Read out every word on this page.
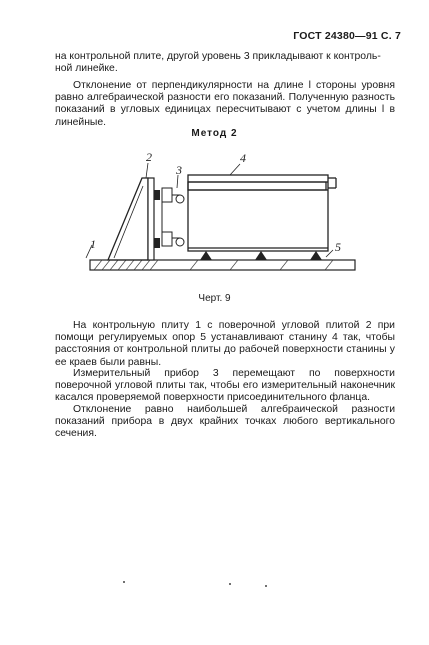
ГОСТ 24380—91 С. 7

на контрольной плите, другой уровень 3 прикладывают к контроль-

ной линейке.

Отклонение от перпендикулярности на длине l стороны уровня равно алгебраической разности его показаний. Полученную разность показаний в угловых единицах пересчитывают с учетом длины l в линейные.

Метод 2
1
2
3
4
5
Черт. 9

На контрольную плиту 1 с поверочной угловой плитой 2 при помощи регулируемых опор 5 устанавливают станину 4 так, чтобы расстояния от контрольной плиты до рабочей поверхности станины у ее краев были равны.

Измерительный прибор 3 перемещают по поверхности поверочной угловой плиты так, чтобы его измерительный наконечник касался проверяемой поверхности присоединительного фланца.

Отклонение равно наибольшей алгебраической разности показаний прибора в двух крайних точках любого вертикального сечения.
